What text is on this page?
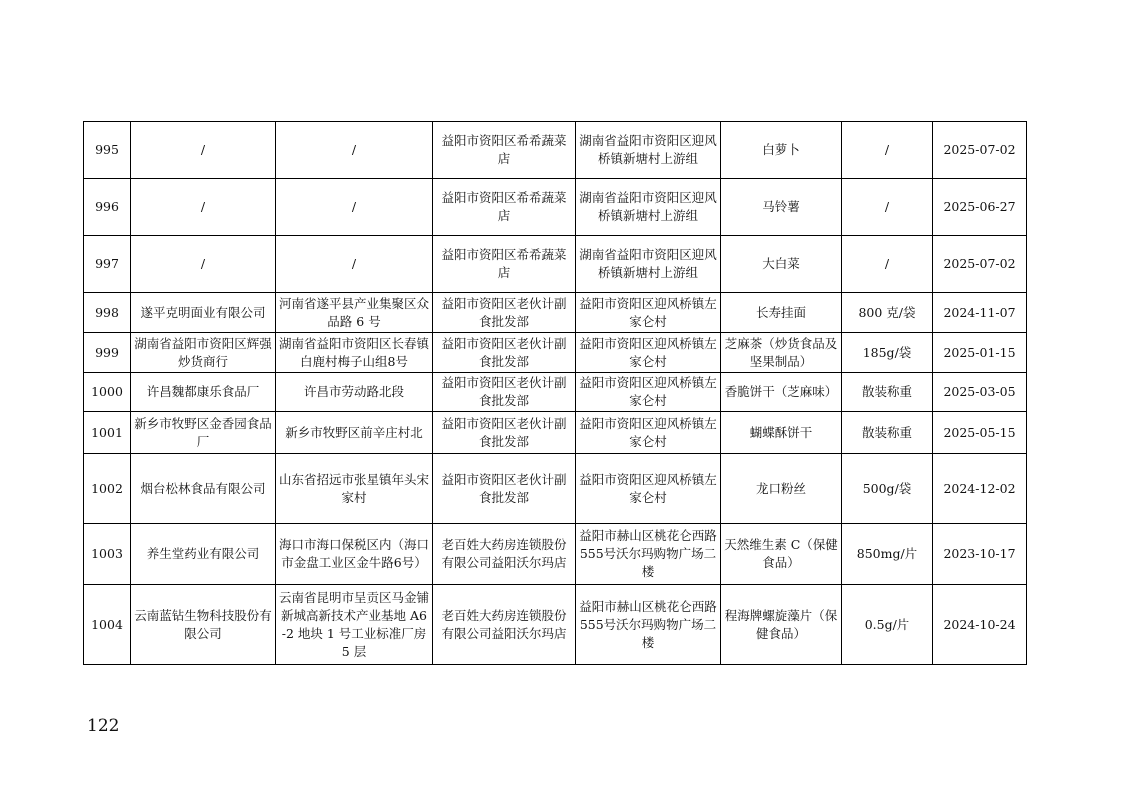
995	/	/	益阳市资阳区希希蔬菜店	湖南省益阳市资阳区迎风桥镇新塘村上游组	白萝卜	/	2025-07-02
996	/	/	益阳市资阳区希希蔬菜店	湖南省益阳市资阳区迎风桥镇新塘村上游组	马铃薯	/	2025-06-27
997	/	/	益阳市资阳区希希蔬菜店	湖南省益阳市资阳区迎风桥镇新塘村上游组	大白菜	/	2025-07-02
998	遂平克明面业有限公司	河南省遂平县产业集聚区众品路 6 号	益阳市资阳区老伙计副食批发部	益阳市资阳区迎风桥镇左家仑村	长寿挂面	800 克/袋	2024-11-07
999	湖南省益阳市资阳区辉强炒货商行	湖南省益阳市资阳区长春镇白鹿村梅子山组8号	益阳市资阳区老伙计副食批发部	益阳市资阳区迎风桥镇左家仑村	芝麻茶（炒货食品及坚果制品）	185g/袋	2025-01-15
1000	许昌魏都康乐食品厂	许昌市劳动路北段	益阳市资阳区老伙计副食批发部	益阳市资阳区迎风桥镇左家仑村	香脆饼干（芝麻味）	散装称重	2025-03-05
1001	新乡市牧野区金香园食品厂	新乡市牧野区前辛庄村北	益阳市资阳区老伙计副食批发部	益阳市资阳区迎风桥镇左家仑村	蝴蝶酥饼干	散装称重	2025-05-15
1002	烟台松林食品有限公司	山东省招远市张星镇年头宋家村	益阳市资阳区老伙计副食批发部	益阳市资阳区迎风桥镇左家仑村	龙口粉丝	500g/袋	2024-12-02
1003	养生堂药业有限公司	海口市海口保税区内（海口市金盘工业区金牛路6号）	老百姓大药房连锁股份有限公司益阳沃尔玛店	益阳市赫山区桃花仑西路555号沃尔玛购物广场二楼	天然维生素 C（保健食品）	850mg/片	2023-10-17
1004	云南蓝钻生物科技股份有限公司	云南省昆明市呈贡区马金铺新城高新技术产业基地 A6-2 地块 1 号工业标准厂房 5 层	老百姓大药房连锁股份有限公司益阳沃尔玛店	益阳市赫山区桃花仑西路555号沃尔玛购物广场二楼	程海牌螺旋藻片（保健食品）	0.5g/片	2024-10-24
122
